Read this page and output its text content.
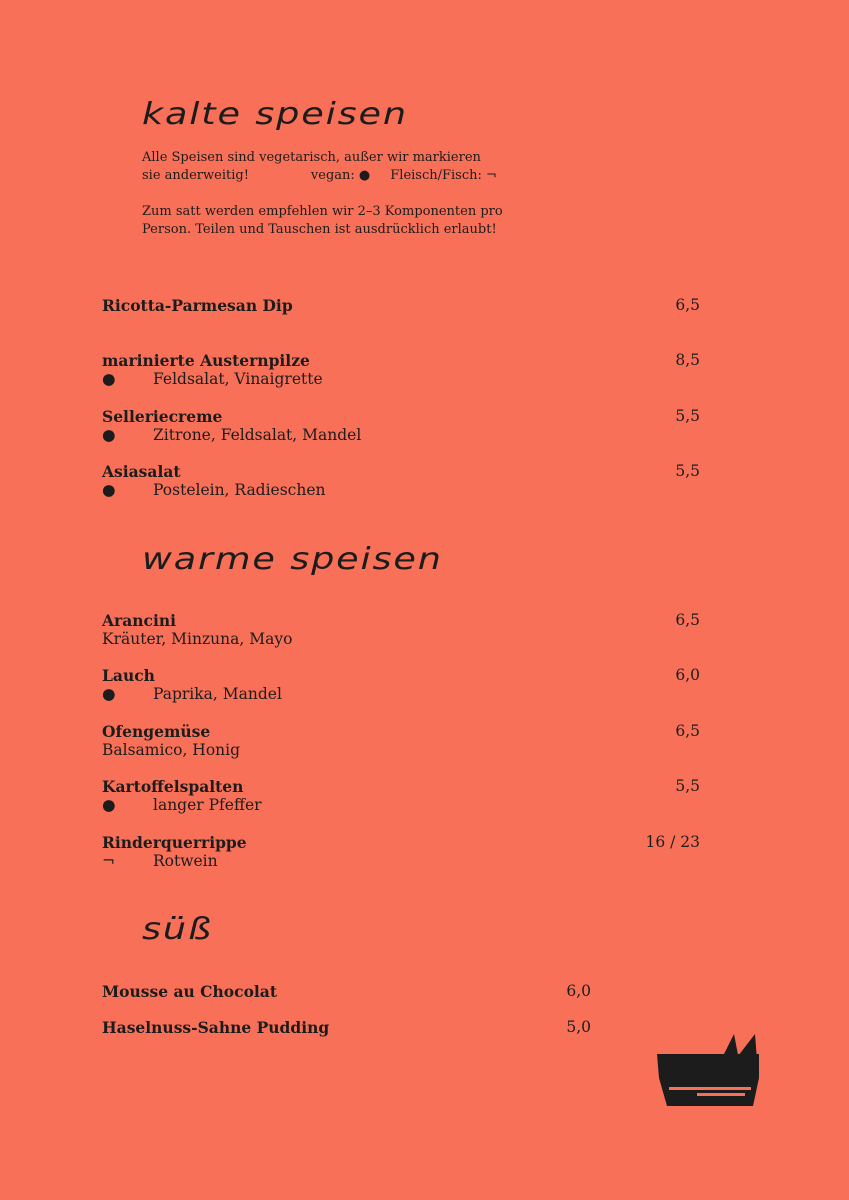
kalte speisen

Alle Speisen sind vegetarisch, außer wir markieren
sie anderweitig!	vegan: ● Fleisch/Fisch: ¬

Zum satt werden empfehlen wir 2–3 Komponenten pro Person. Teilen und Tauschen ist ausdrücklich erlaubt!

Ricotta-Parmesan Dip	6,5
marinierte Austernpilze	8,5
●	Feldsalat, Vinaigrette
Selleriecreme	5,5
●	Zitrone, Feldsalat, Mandel
Asiasalat	5,5
●	Postelein, Radieschen
warme speisen
Arancini	6,5
Kräuter, Minzuna, Mayo
Lauch	6,0
●	Paprika, Mandel
Ofengemüse	6,5
Balsamico, Honig
Kartoffelspalten	5,5
●	langer Pfeffer
Rinderquerrippe	16 / 23
¬	Rotwein
süß
Mousse au Chocolat	6,0
Haselnuss-Sahne Pudding	5,0
